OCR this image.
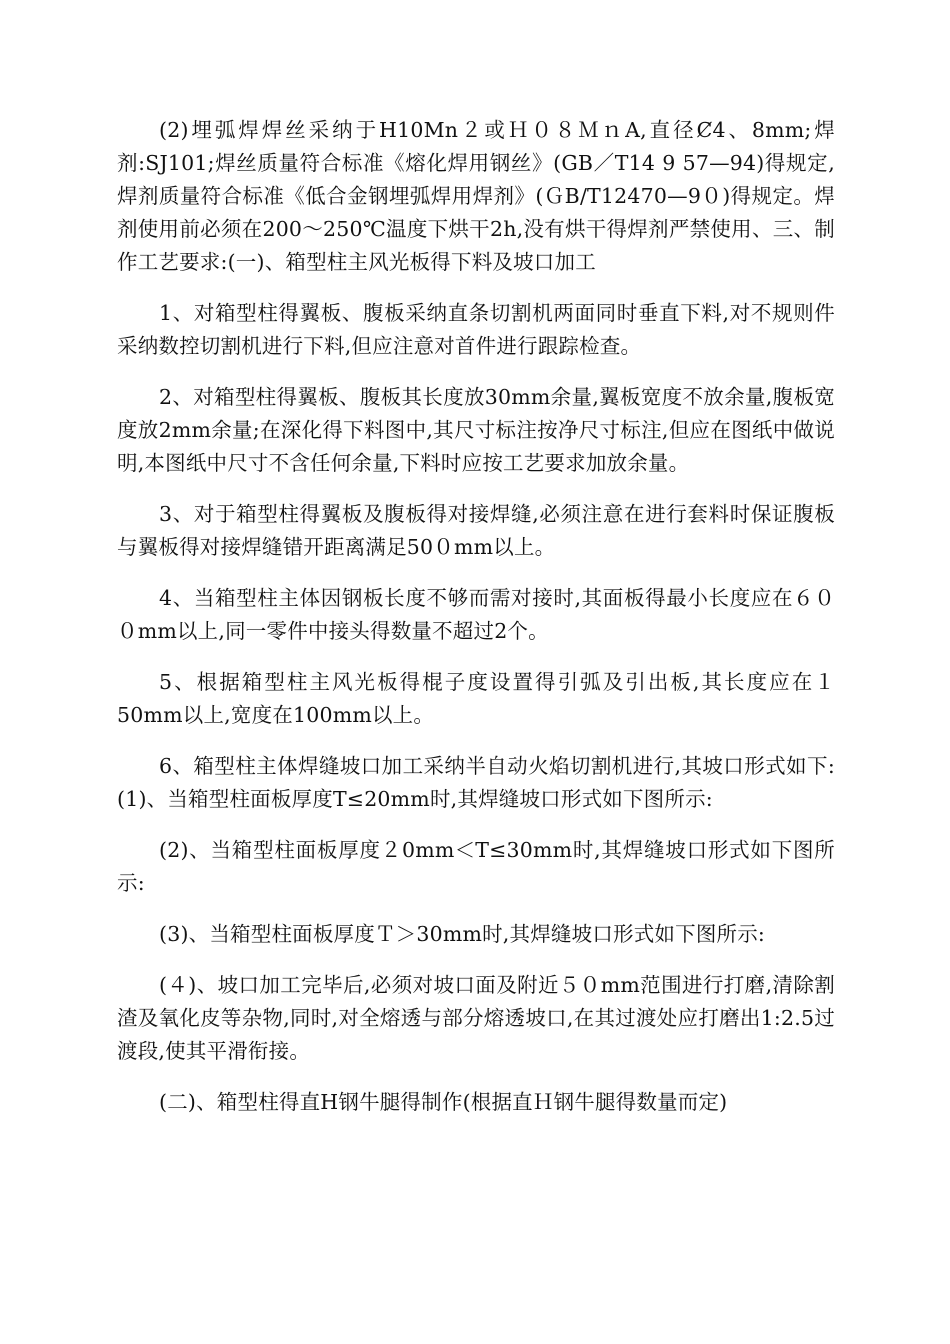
(2)埋弧焊焊丝采纳于H10Mn２或Ｈ０８ＭｎA,直径Ȼ4、8mm;焊剂:SJ101;焊丝质量符合标准《熔化焊用钢丝》(GB／T14 9 57—94)得规定,焊剂质量符合标准《低合金钢埋弧焊用焊剂》(ＧB/T12470—9０)得规定。焊剂使用前必须在200～250℃温度下烘干2h,没有烘干得焊剂严禁使用、三、制作工艺要求:(一)、箱型柱主风光板得下料及坡口加工

1、对箱型柱得翼板、腹板采纳直条切割机两面同时垂直下料,对不规则件采纳数控切割机进行下料,但应注意对首件进行跟踪检查。

2、对箱型柱得翼板、腹板其长度放30mm余量,翼板宽度不放余量,腹板宽度放2mm余量;在深化得下料图中,其尺寸标注按净尺寸标注,但应在图纸中做说明,本图纸中尺寸不含任何余量,下料时应按工艺要求加放余量。

3、对于箱型柱得翼板及腹板得对接焊缝,必须注意在进行套料时保证腹板与翼板得对接焊缝错开距离满足50０mm以上。

4、当箱型柱主体因钢板长度不够而需对接时,其面板得最小长度应在６００mm以上,同一零件中接头得数量不超过2个。

5、根据箱型柱主风光板得棍子度设置得引弧及引出板,其长度应在１50mm以上,宽度在100mm以上。

6、箱型柱主体焊缝坡口加工采纳半自动火焰切割机进行,其坡口形式如下:(1)、当箱型柱面板厚度T≤20mm时,其焊缝坡口形式如下图所示:

(2)、当箱型柱面板厚度２0mm＜T≤30mm时,其焊缝坡口形式如下图所示:

(3)、当箱型柱面板厚度Ｔ＞30mm时,其焊缝坡口形式如下图所示:

(４)、坡口加工完毕后,必须对坡口面及附近５０mm范围进行打磨,清除割渣及氧化皮等杂物,同时,对全熔透与部分熔透坡口,在其过渡处应打磨出1:2.5过渡段,使其平滑衔接。

(二)、箱型柱得直H钢牛腿得制作(根据直Ｈ钢牛腿得数量而定)
